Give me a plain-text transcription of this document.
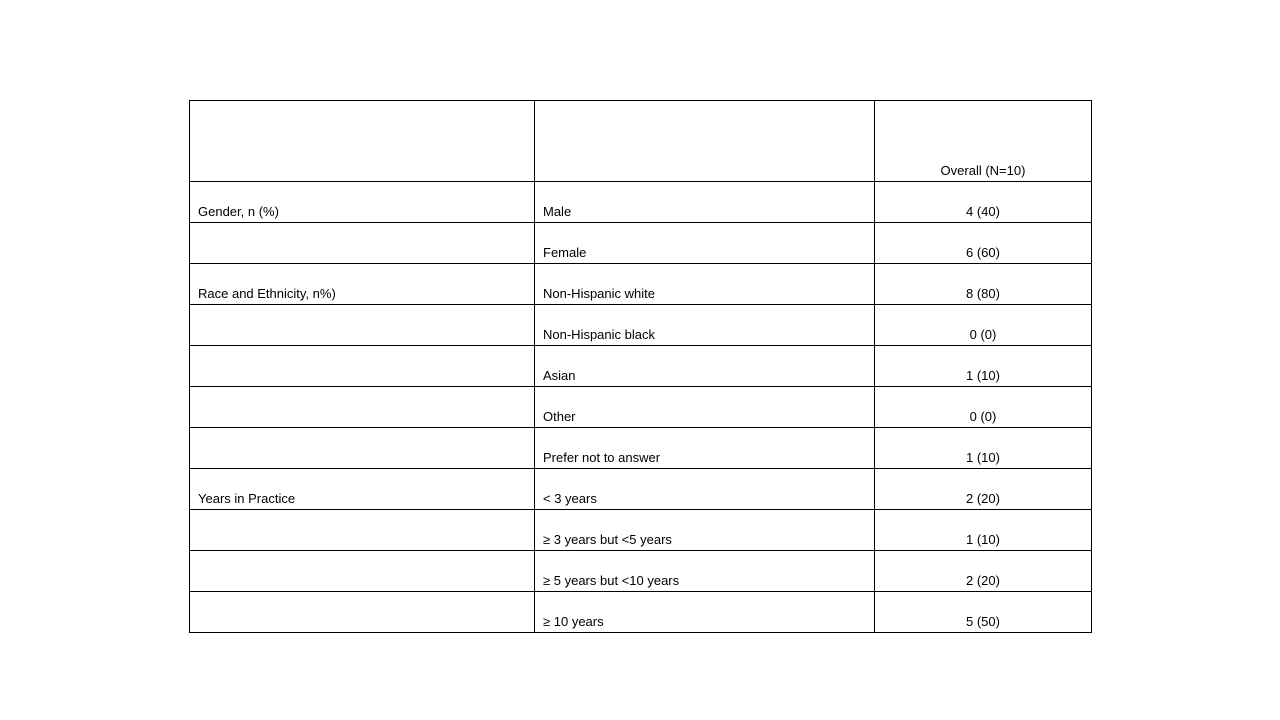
		Overall (N=10)
Gender, n (%)	Male	4 (40)
	Female	6 (60)
Race and Ethnicity, n%)	Non-Hispanic white	8 (80)
	Non-Hispanic black	0 (0)
	Asian	1 (10)
	Other	0 (0)
	Prefer not to answer	1 (10)
Years in Practice	< 3 years	2 (20)
	≥ 3 years but <5 years	1 (10)
	≥ 5 years but <10 years	2 (20)
	≥ 10 years	5 (50)
